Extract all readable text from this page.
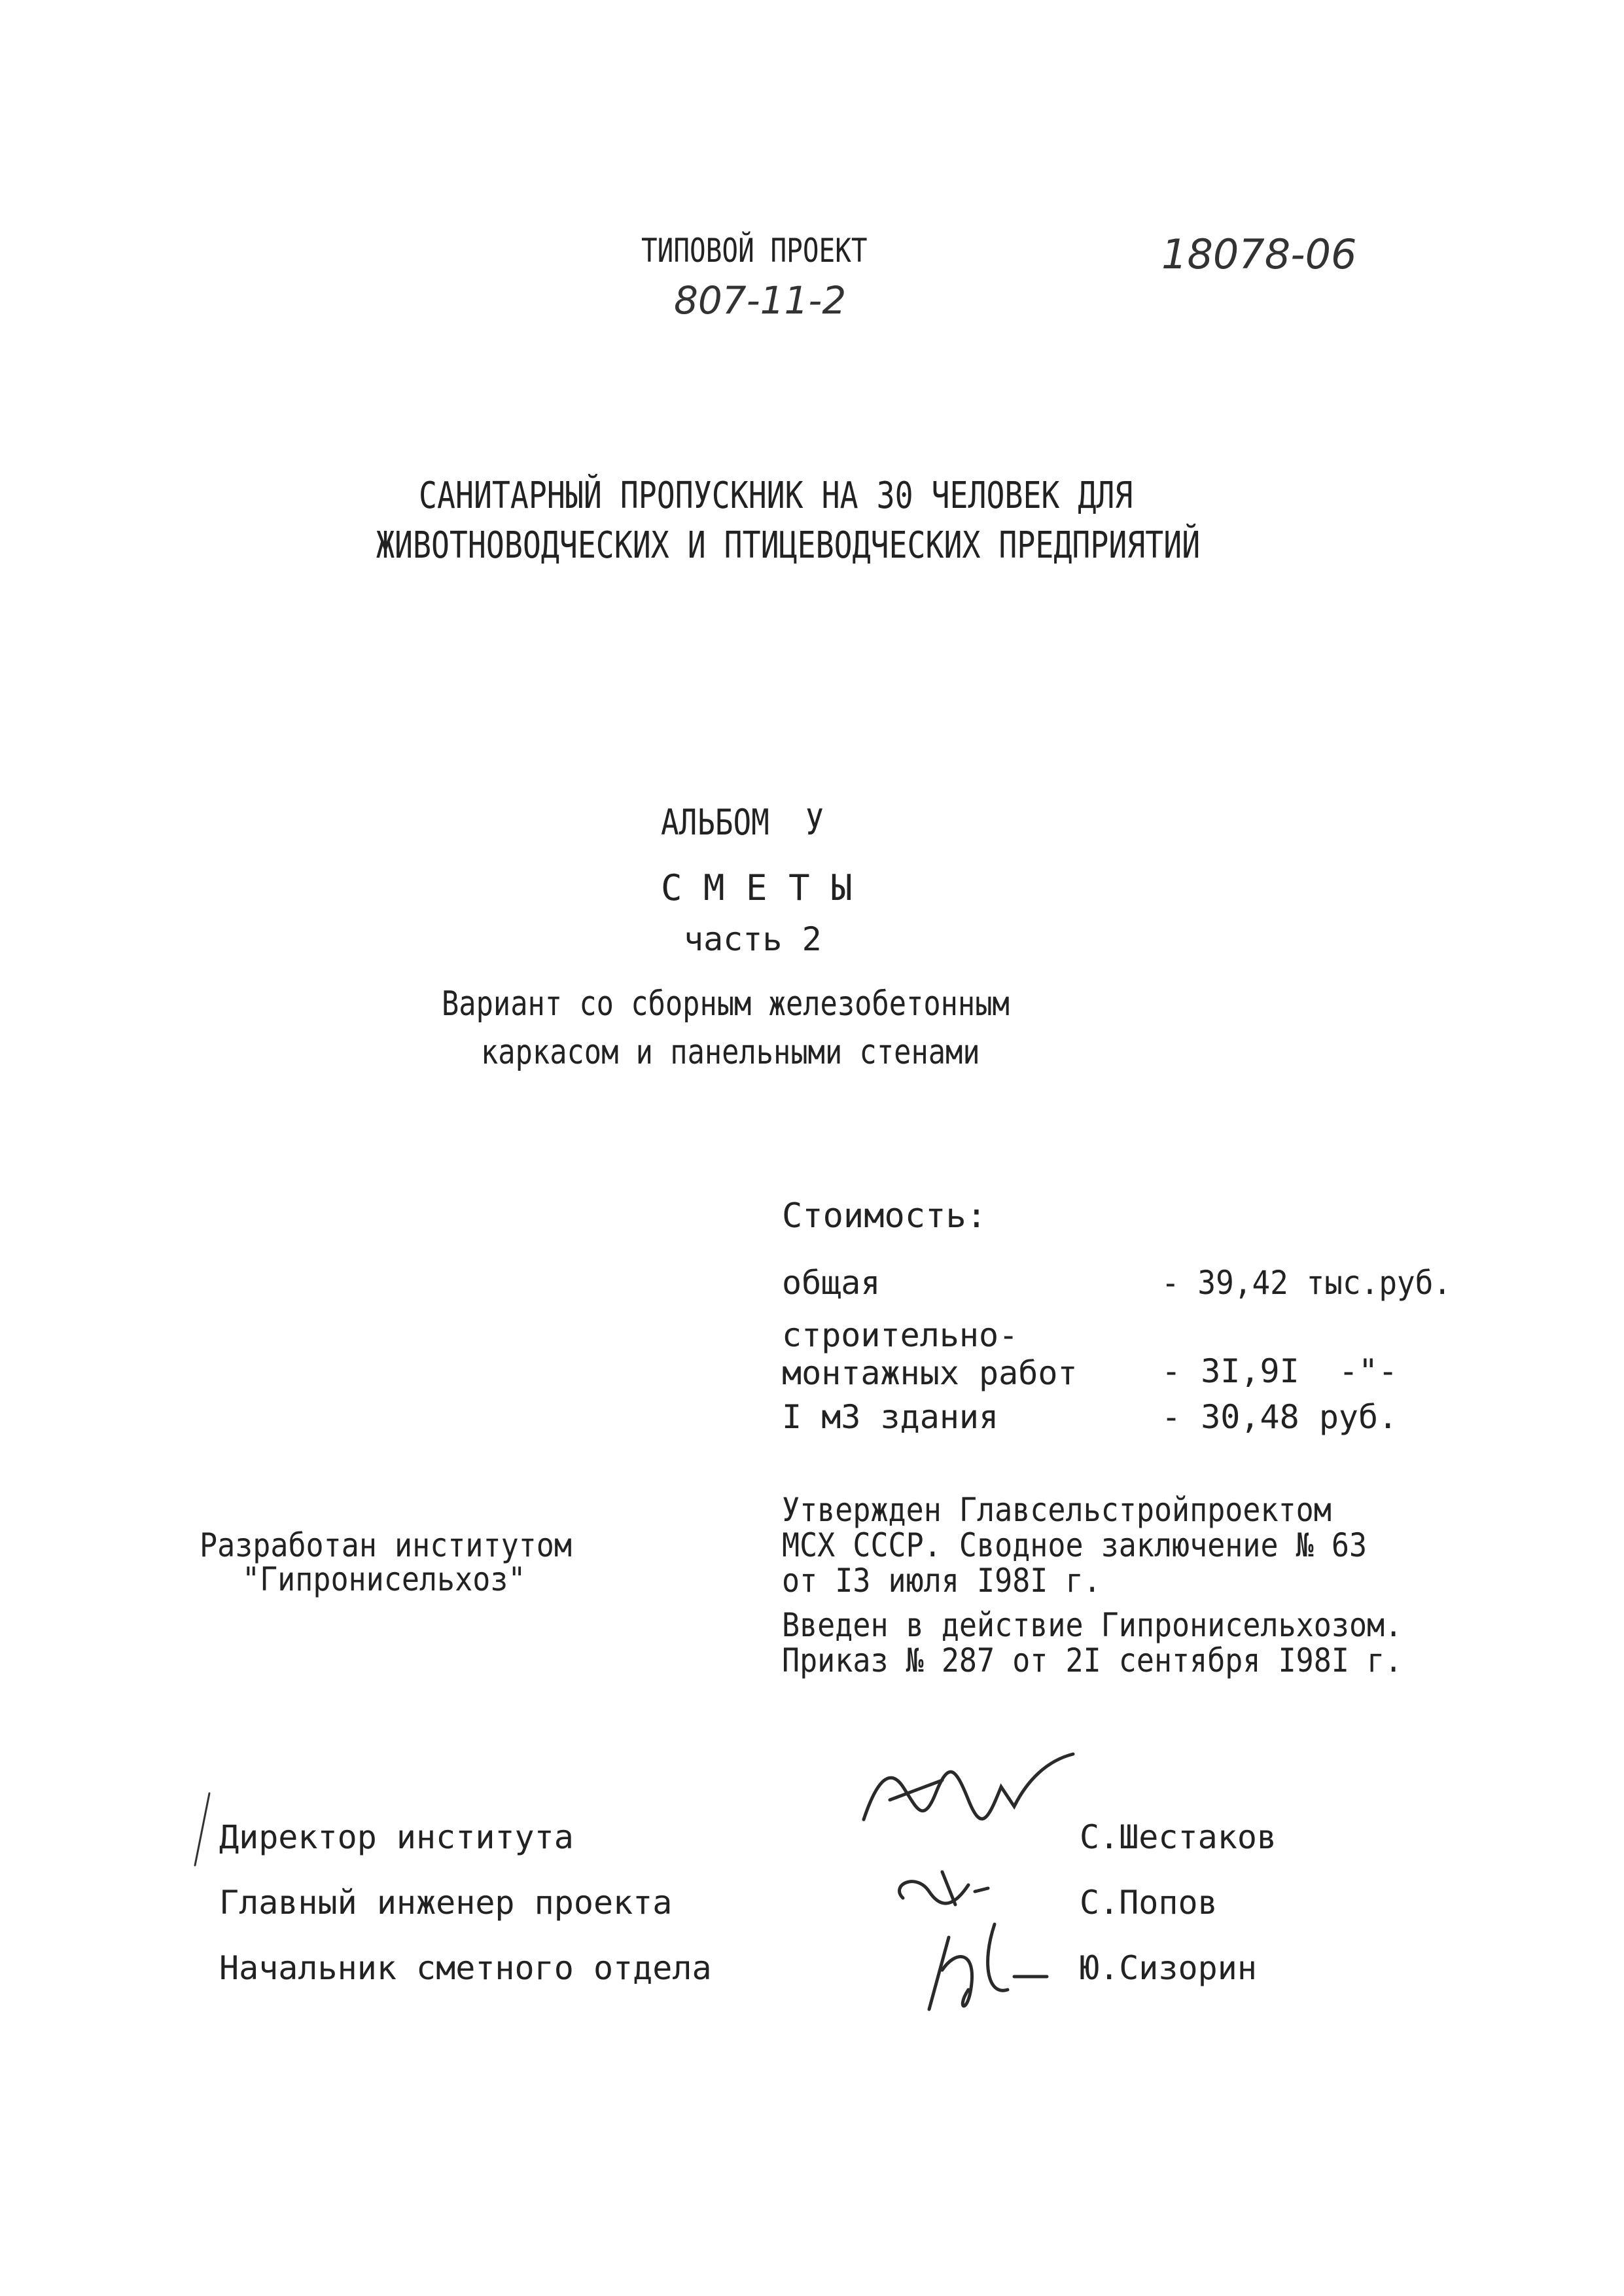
ТИПОВОЙ ПРОЕКТ
807-11-2
18078-06
САНИТАРНЫЙ ПРОПУСКНИК НА 30 ЧЕЛОВЕК ДЛЯ
ЖИВОТНОВОДЧЕСКИХ И ПТИЦЕВОДЧЕСКИХ ПРЕДПРИЯТИЙ
АЛЬБОМ  У
С М Е Т Ы
часть 2
Вариант со сборным железобетонным
каркасом и панельными стенами
Стоимость:
общая	- 39,42 тыс.руб.
строительно-
монтажных работ	- 3I,9I  -"-
I м3 здания	- 30,48 руб.
Разработан институтом
"Гипронисельхоз"
Утвержден Главсельстройпроектом
МСХ СССР. Сводное заключение № 63
от I3 июля I98I г.
Введен в действие Гипронисельхозом.
Приказ № 287 от 2I сентября I98I г.
Директор института	С.Шестаков
Главный инженер проекта	С.Попов
Начальник сметного отдела	Ю.Сизорин
